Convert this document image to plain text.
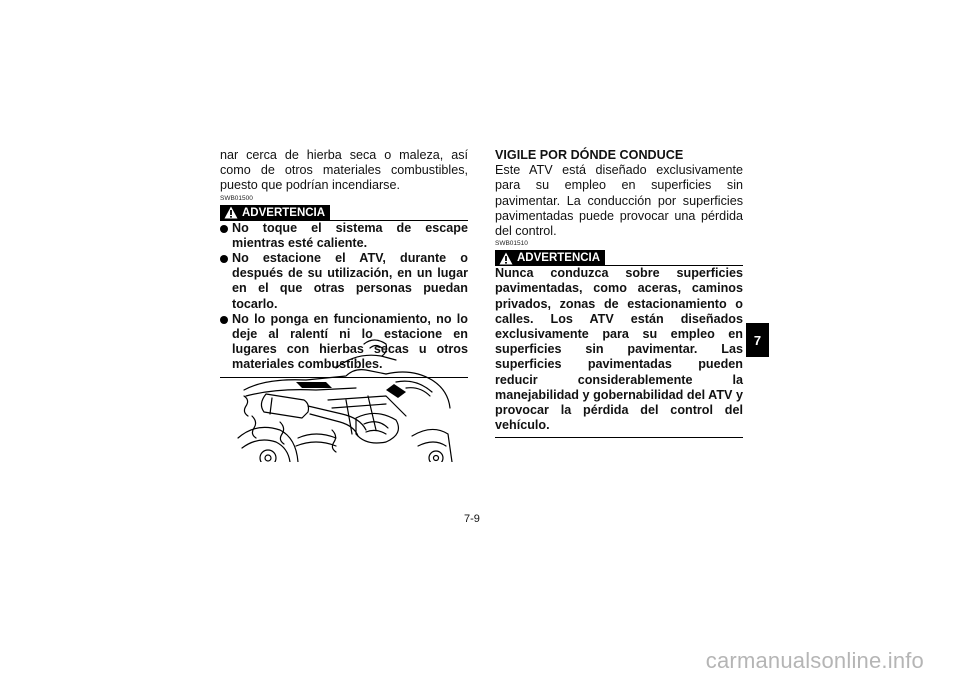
nar cerca de hierba seca o maleza, así como de otros materiales combustibles, puesto que podrían incendiarse.

SWB01500
ADVERTENCIA
No toque el sistema de escape mientras esté caliente.
No estacione el ATV, durante o después de su utilización, en un lugar en el que otras personas puedan tocarlo.
No lo ponga en funcionamiento, no lo deje al ralentí ni lo estacione en lugares con hierbas secas u otros materiales combustibles.

VIGILE POR DÓNDE CONDUCE

Este ATV está diseñado exclusivamente para su empleo en superficies sin pavimentar. La conducción por superficies pavimentadas puede provocar una pérdida del control.

SWB01510
ADVERTENCIA

Nunca conduzca sobre superficies pavimentadas, como aceras, caminos privados, zonas de estacionamiento o calles. Los ATV están diseñados exclusivamente para su empleo en superficies sin pavimentar. Las superficies pavimentadas pueden reducir considerablemente la manejabilidad y gobernabilidad del ATV y provocar la pérdida del control del vehículo.

7
7-9
carmanualsonline.info
